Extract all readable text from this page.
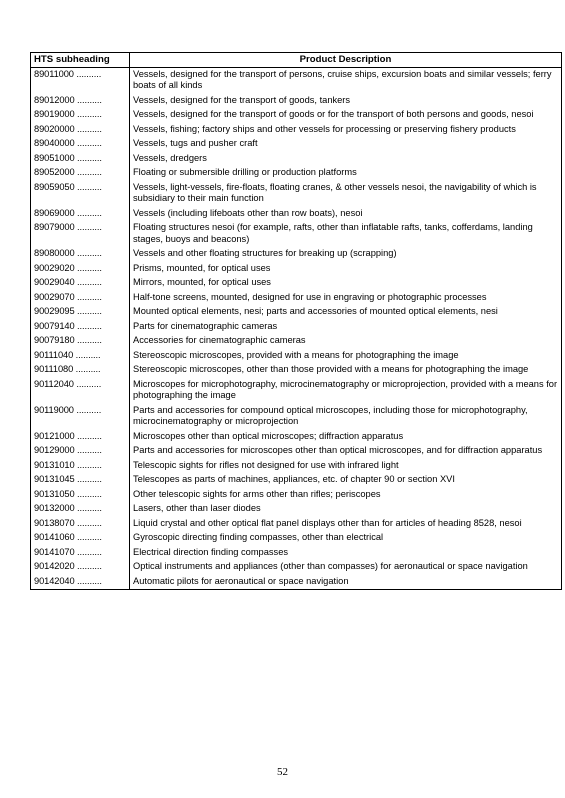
HTS subheading	Product Description
89011000 ..........	Vessels, designed for the transport of persons, cruise ships, excursion boats and similar vessels; ferry boats of all kinds
89012000 ..........	Vessels, designed for the transport of goods, tankers
89019000 ..........	Vessels, designed for the transport of goods or for the transport of both persons and goods, nesoi
89020000 ..........	Vessels, fishing; factory ships and other vessels for processing or preserving fishery products
89040000 ..........	Vessels, tugs and pusher craft
89051000 ..........	Vessels, dredgers
89052000 ..........	Floating or submersible drilling or production platforms
89059050 ..........	Vessels, light-vessels, fire-floats, floating cranes, & other vessels nesoi, the navigability of which is subsidiary to their main function
89069000 ..........	Vessels (including lifeboats other than row boats), nesoi
89079000 ..........	Floating structures nesoi (for example, rafts, other than inflatable rafts, tanks, cofferdams, landing stages, buoys and beacons)
89080000 ..........	Vessels and other floating structures for breaking up (scrapping)
90029020 ..........	Prisms, mounted, for optical uses
90029040 ..........	Mirrors, mounted, for optical uses
90029070 ..........	Half-tone screens, mounted, designed for use in engraving or photographic processes
90029095 ..........	Mounted optical elements, nesi; parts and accessories of mounted optical elements, nesi
90079140 ..........	Parts for cinematographic cameras
90079180 ..........	Accessories for cinematographic cameras
90111040 ..........	Stereoscopic microscopes, provided with a means for photographing the image
90111080 ..........	Stereoscopic microscopes, other than those provided with a means for photographing the image
90112040 ..........	Microscopes for microphotography, microcinematography or microprojection, provided with a means for photographing the image
90119000 ..........	Parts and accessories for compound optical microscopes, including those for microphotography, microcinematography or microprojection
90121000 ..........	Microscopes other than optical microscopes; diffraction apparatus
90129000 ..........	Parts and accessories for microscopes other than optical microscopes, and for diffraction apparatus
90131010 ..........	Telescopic sights for rifles not designed for use with infrared light
90131045 ..........	Telescopes as parts of machines, appliances, etc. of chapter 90 or section XVI
90131050 ..........	Other telescopic sights for arms other than rifles; periscopes
90132000 ..........	Lasers, other than laser diodes
90138070 ..........	Liquid crystal and other optical flat panel displays other than for articles of heading 8528, nesoi
90141060 ..........	Gyroscopic directing finding compasses, other than electrical
90141070 ..........	Electrical direction finding compasses
90142020 ..........	Optical instruments and appliances (other than compasses) for aeronautical or space navigation
90142040 ..........	Automatic pilots for aeronautical or space navigation
52
